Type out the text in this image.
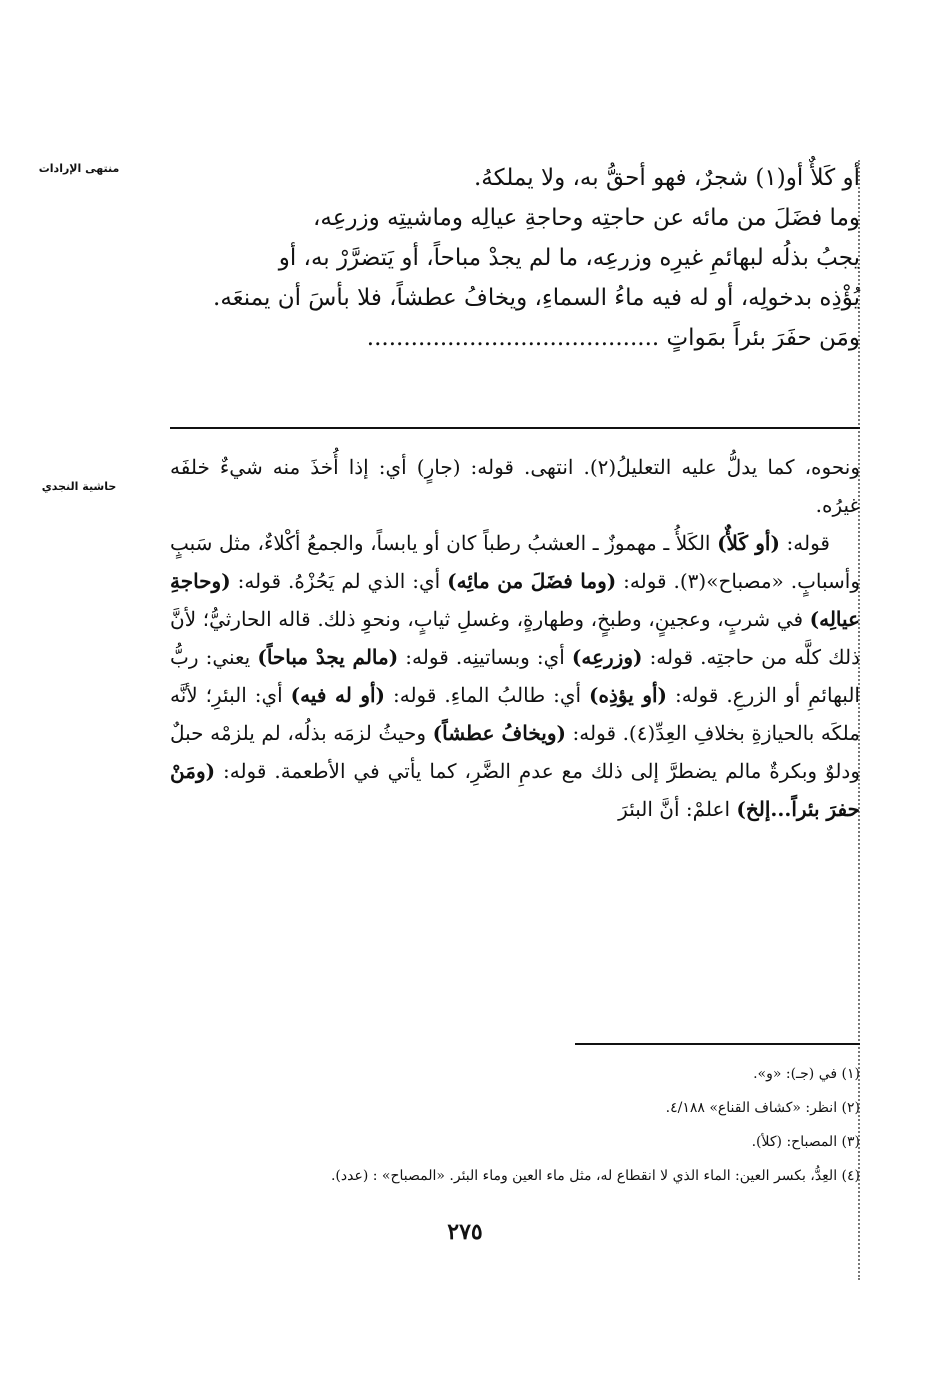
منتهى الإرادات
حاشية النجدي

أو كَلأٌ أو(١) شجرٌ، فهو أحقُّ به، ولا يملكهُ.

وما فضَلَ من مائه عن حاجتِه وحاجةِ عيالِه وماشيتِه وزرعِه،

يجبُ بذلُه لبهائمِ غيرِه وزرعِه، ما لم يجدْ مباحاً، أو يَتضرَّرْ به، أو

يُؤْذِه بدخولِه، أو له فيه ماءُ السماءِ، ويخافُ عطشاً، فلا بأسَ أن يمنعَه.

ومَن حفَرَ بئراً بمَواتٍ ........................................

ونحوه، كما يدلُّ عليه التعليلُ(٢). انتهى. قوله: (جارٍ) أي: إذا أُخذَ منه شيءٌ خلفَه غيرُه.

قوله: (أو كَلأٌ) الكَلأُ ـ مهموزٌ ـ العشبُ رطباً كان أو يابساً، والجمعُ أكْلاءٌ، مثل سَببٍ وأسبابٍ. «مصباح»(٣). قوله: (وما فضَلَ من مائِه) أي: الذي لم يَحُزْهُ. قوله: (وحاجةِ عيالِه) في شربٍ، وعجينٍ، وطبخٍ، وطهارةٍ، وغسلِ ثيابٍ، ونحوِ ذلك. قاله الحارثيُّ؛ لأنَّ ذلك كلَّه من حاجتِه. قوله: (وزرعِه) أي: وبساتينِه. قوله: (مالم يجدْ مباحاً) يعني: ربُّ البهائمِ أو الزرعِ. قوله: (أو يؤذِه) أي: طالبُ الماءِ. قوله: (أو له فيه) أي: البئرِ؛ لأنَّه ملكَه بالحيازةِ بخلافِ العِدِّ(٤). قوله: (ويخافُ عطشاً) وحيثُ لزمَه بذلُه، لم يلزمْه حبلٌ ودلوٌ وبكرةٌ مالم يضطرَّ إلى ذلك مع عدمِ الضَّرِ، كما يأتي في الأطعمة. قوله: (ومَنْ حفرَ بئراً...إلخ) اعلمْ: أنَّ البئرَ

(١) في (جـ): «و».

(٢) انظر: «كشاف القناع» ٤/١٨٨.

(٣) المصباح: (كلأ).

(٤) العِدُّ، بكسر العين: الماء الذي لا انقطاع له، مثل ماء العين وماء البئر. «المصباح» : (عدد).

٢٧٥
